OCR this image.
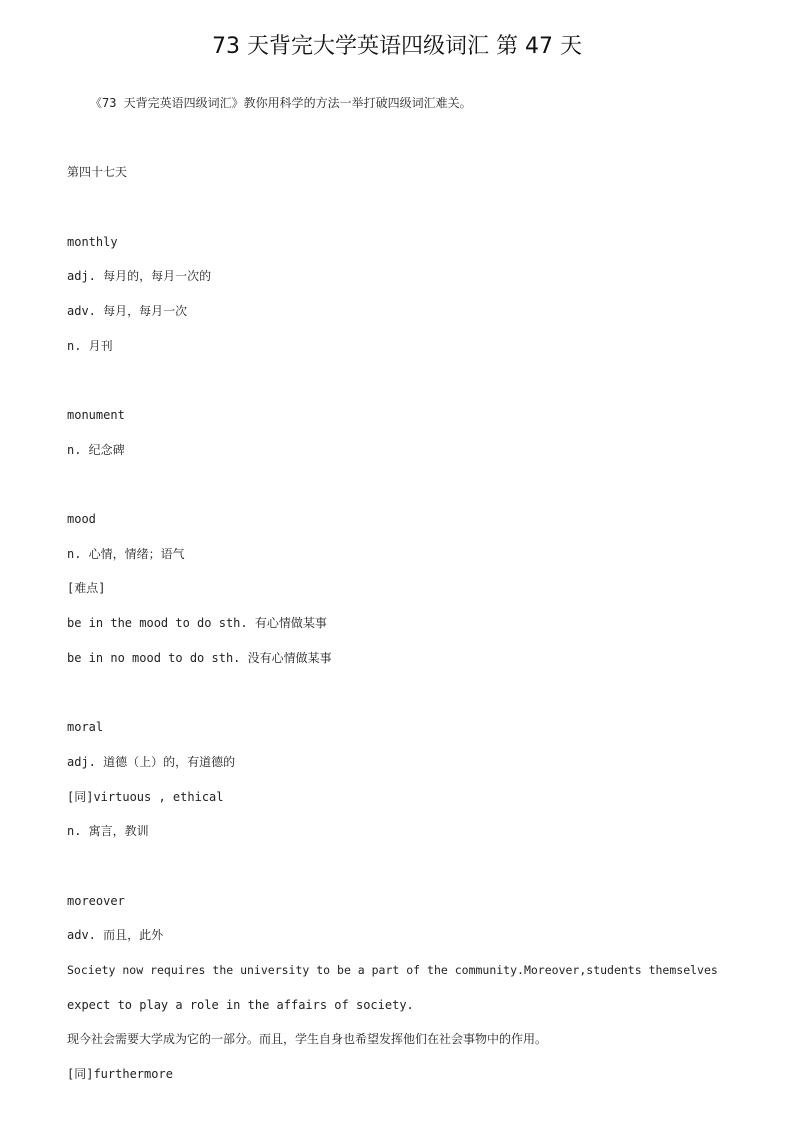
73 天背完大学英语四级词汇 第 47 天
《73 天背完英语四级词汇》教你用科学的方法一举打破四级词汇难关。
第四十七天
monthly
adj. 每月的，每月一次的
adv. 每月，每月一次
n. 月刊
monument
n. 纪念碑
mood
n. 心情，情绪；语气
[难点]
be in the mood to do sth. 有心情做某事
be in no mood to do sth. 没有心情做某事
moral
adj. 道德（上）的，有道德的
[同]virtuous , ethical
n. 寓言，教训
moreover
adv. 而且，此外
Society now requires the university to be a part of the community.Moreover,students themselves
expect to play a role in the affairs of society.
现今社会需要大学成为它的一部分。而且，学生自身也希望发挥他们在社会事物中的作用。
[同]furthermore
